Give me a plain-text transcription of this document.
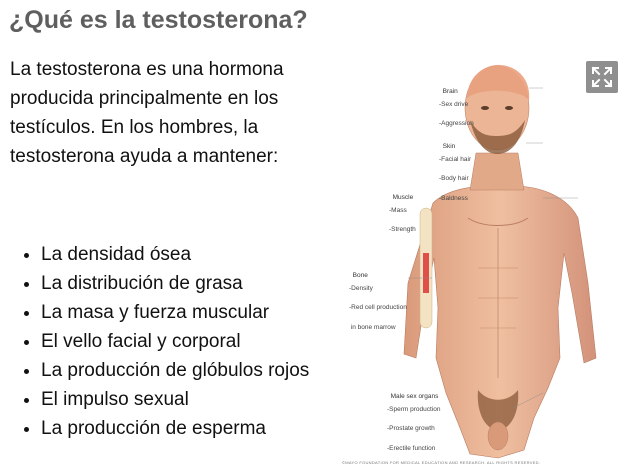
¿Qué es la testosterona?

La testosterona es una hormona producida principalmente en los testículos. En los hombres, la testosterona ayuda a mantener:

• La densidad ósea
• La distribución de grasa
• La masa y fuerza muscular
• El vello facial y corporal
• La producción de glóbulos rojos
• El impulso sexual
• La producción de esperma

Brain

-Sex drive

-Aggression

Skin

-Facial hair

-Body hair

-Baldness

Muscle

-Mass

-Strength

Bone

-Density

-Red cell production

in bone marrow

Male sex organs

-Sperm production

-Prostate growth

-Erectile function

©MAYO FOUNDATION FOR MEDICAL EDUCATION AND RESEARCH. ALL RIGHTS RESERVED.
